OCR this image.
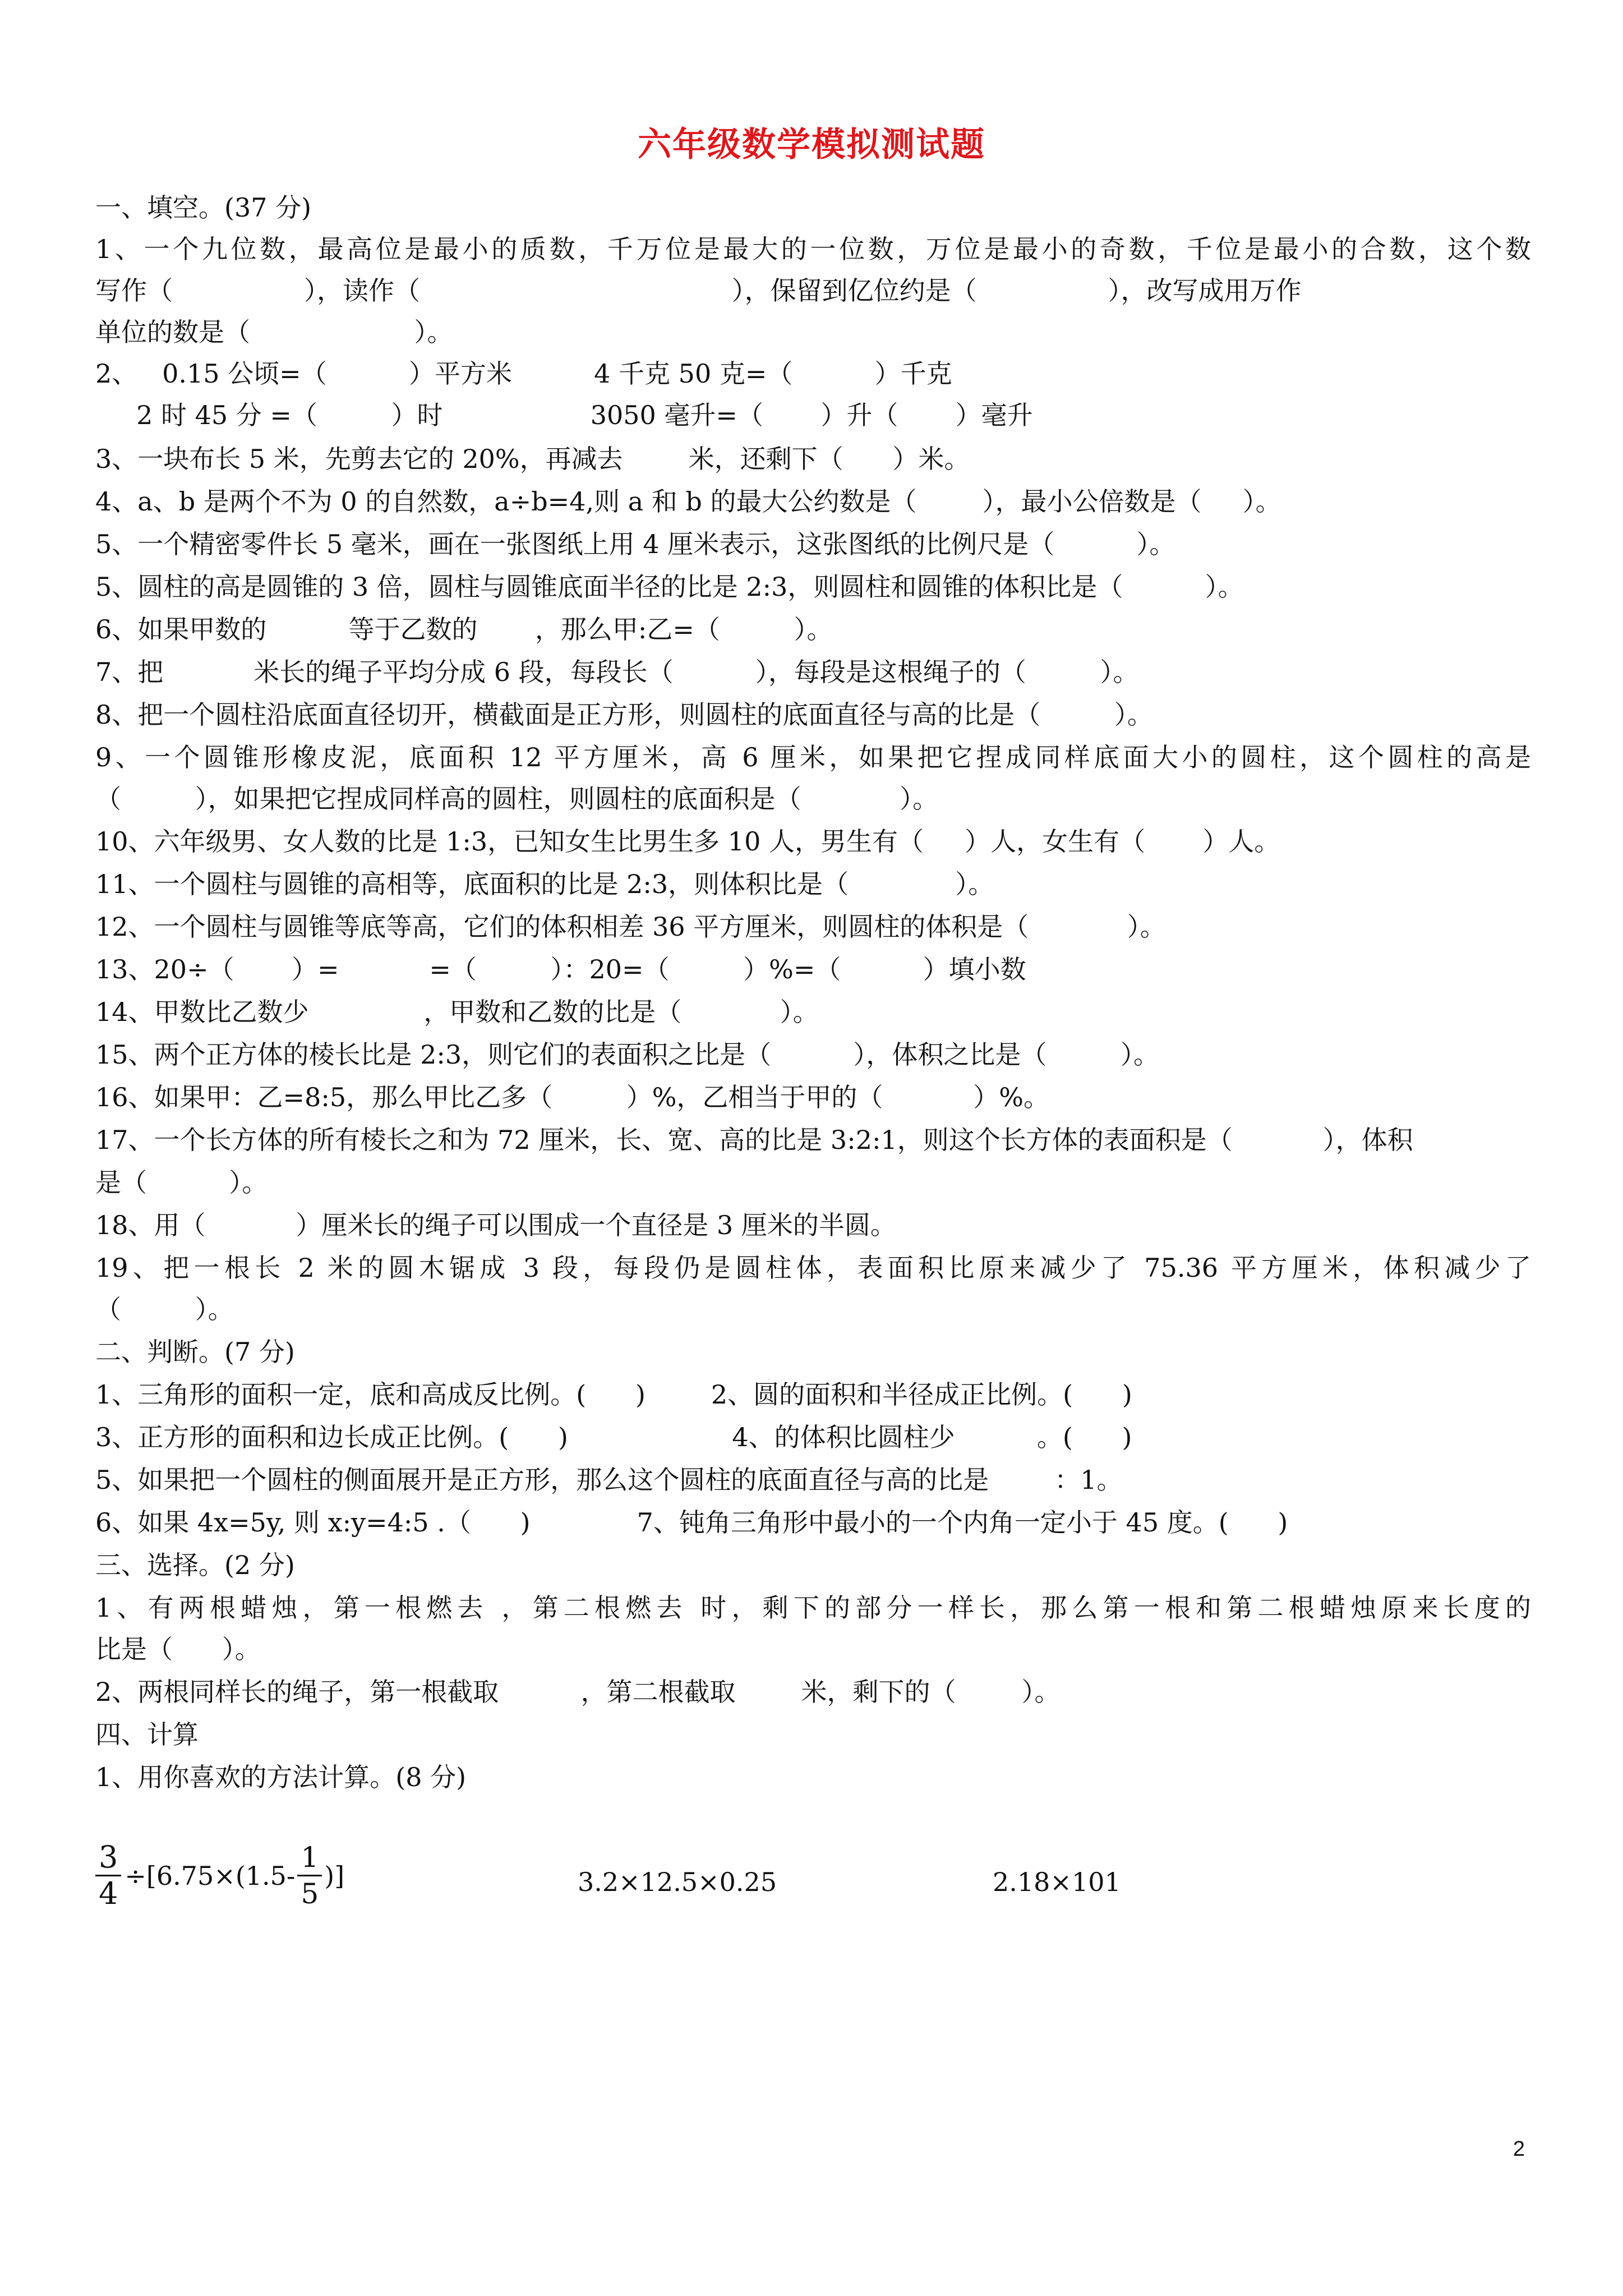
六年级数学模拟测试题
一、填空。(37 分)
1、一个九位数，最高位是最小的质数，千万位是最大的一位数，万位是最小的奇数，千位是最小的合数，这个数
写作（                ），读作（                                      ），保留到亿位约是（                ），改写成用万作
单位的数是（                    ）。
2、   0.15 公顷=（          ）平方米          4 千克 50 克=（          ）千克
2 时 45 分 =（         ）时                  3050 毫升=（       ）升（       ）毫升
3、一块布长 5 米，先剪去它的 20%，再减去        米，还剩下（      ）米。
4、a、b 是两个不为 0 的自然数，a÷b=4,则 a 和 b 的最大公约数是（        ），最小公倍数是（     ）。
5、一个精密零件长 5 毫米，画在一张图纸上用 4 厘米表示，这张图纸的比例尺是（          ）。
5、圆柱的高是圆锥的 3 倍，圆柱与圆锥底面半径的比是 2:3，则圆柱和圆锥的体积比是（          ）。
6、如果甲数的          等于乙数的       ，那么甲:乙=（         ）。
7、把           米长的绳子平均分成 6 段，每段长（          ），每段是这根绳子的（         ）。
8、把一个圆柱沿底面直径切开，横截面是正方形，则圆柱的底面直径与高的比是（         ）。
9、一个圆锥形橡皮泥，底面积 12 平方厘米，高 6 厘米，如果把它捏成同样底面大小的圆柱，这个圆柱的高是
（         ），如果把它捏成同样高的圆柱，则圆柱的底面积是（            ）。
10、六年级男、女人数的比是 1:3，已知女生比男生多 10 人，男生有（     ）人，女生有（       ）人。
11、一个圆柱与圆锥的高相等，底面积的比是 2:3，则体积比是（             ）。
12、一个圆柱与圆锥等底等高，它们的体积相差 36 平方厘米，则圆柱的体积是（            ）。
13、20÷（       ）=           =（         ）：20=（         ）%=（          ）填小数
14、甲数比乙数少              ，甲数和乙数的比是（            ）。
15、两个正方体的棱长比是 2:3，则它们的表面积之比是（          ），体积之比是（         ）。
16、如果甲：乙=8:5，那么甲比乙多（         ）%，乙相当于甲的（           ）%。
17、一个长方体的所有棱长之和为 72 厘米，长、宽、高的比是 3:2:1，则这个长方体的表面积是（           ），体积
是（          ）。
18、用（           ）厘米长的绳子可以围成一个直径是 3 厘米的半圆。
19、把一根长 2 米的圆木锯成 3 段，每段仍是圆柱体，表面积比原来减少了 75.36 平方厘米，体积减少了
（         ）。
二、判断。(7 分)
1、三角形的面积一定，底和高成反比例。(      )        2、圆的面积和半径成正比例。(      )
3、正方形的面积和边长成正比例。(      )                    4、的体积比圆柱少          。(      )
5、如果把一个圆柱的侧面展开是正方形，那么这个圆柱的底面直径与高的比是        ：1。
6、如果 4x=5y, 则 x:y=4:5 .（      )             7、钝角三角形中最小的一个内角一定小于 45 度。(      )
三、选择。(2 分)
1、有两根蜡烛，第一根燃去 ，第二根燃去 时，剩下的部分一样长，那么第一根和第二根蜡烛原来长度的
比是（      ）。
2、两根同样长的绳子，第一根截取          ，第二根截取        米，剩下的（        ）。
四、计算
1、用你喜欢的方法计算。(8 分)
$\frac{3}{4} \div[6.75\times(1.5- \frac{1}{5}$ )]	3.2×12.5×0.25	2.18×101
2
